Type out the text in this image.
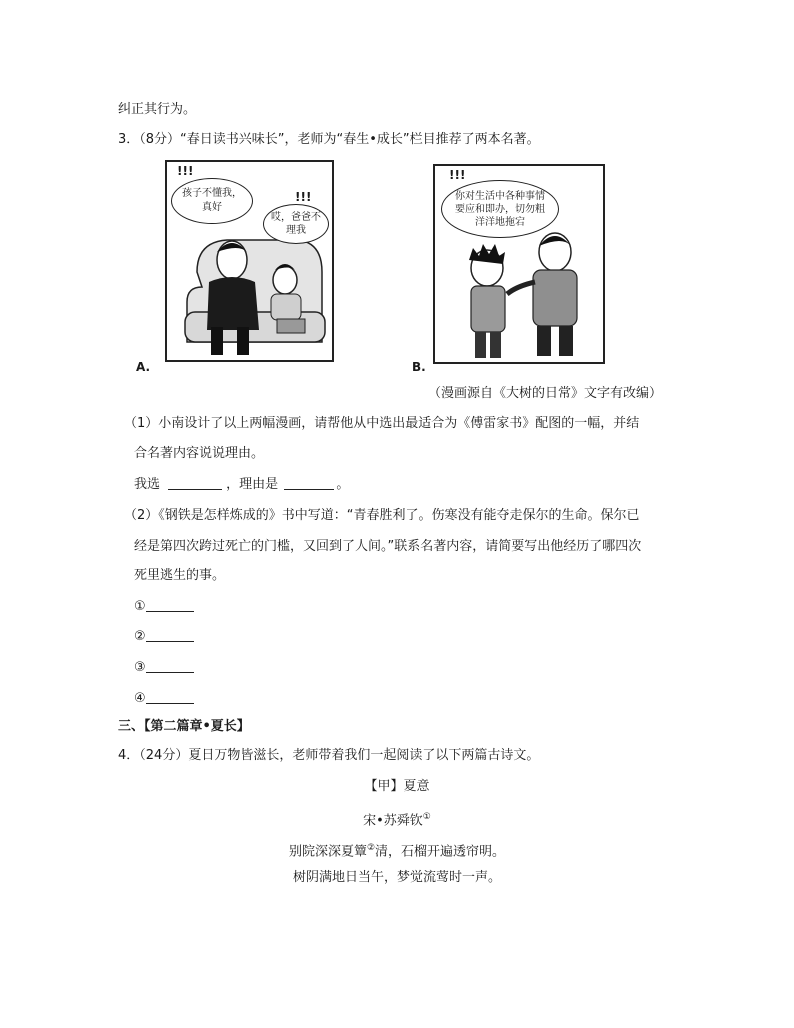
纠正其行为。
3．（8分）“春日读书兴味长”，老师为“春生•成长”栏目推荐了两本名著。
!!!
孩子不懂我，真好
!!!
哎，爸爸不理我
A.
!!!
你对生活中各种事情要应和即办，切勿粗洋洋地拖宕
B.
（漫画源自《大树的日常》文字有改编）
（1）小南设计了以上两幅漫画，请帮他从中选出最适合为《傅雷家书》配图的一幅，并结
合名著内容说说理由。
我选	，理由是	。
（2）《钢铁是怎样炼成的》书中写道：“青春胜利了。伤寒没有能夺走保尔的生命。保尔已
经是第四次跨过死亡的门槛，又回到了人间。”联系名著内容，请简要写出他经历了哪四次
死里逃生的事。
①
②
③
④
三、【第二篇章•夏长】
4．（24分）夏日万物皆滋长，老师带着我们一起阅读了以下两篇古诗文。
【甲】夏意
宋•苏舜钦①
别院深深夏簟②清，石榴开遍透帘明。
树阴满地日当午，梦觉流莺时一声。
